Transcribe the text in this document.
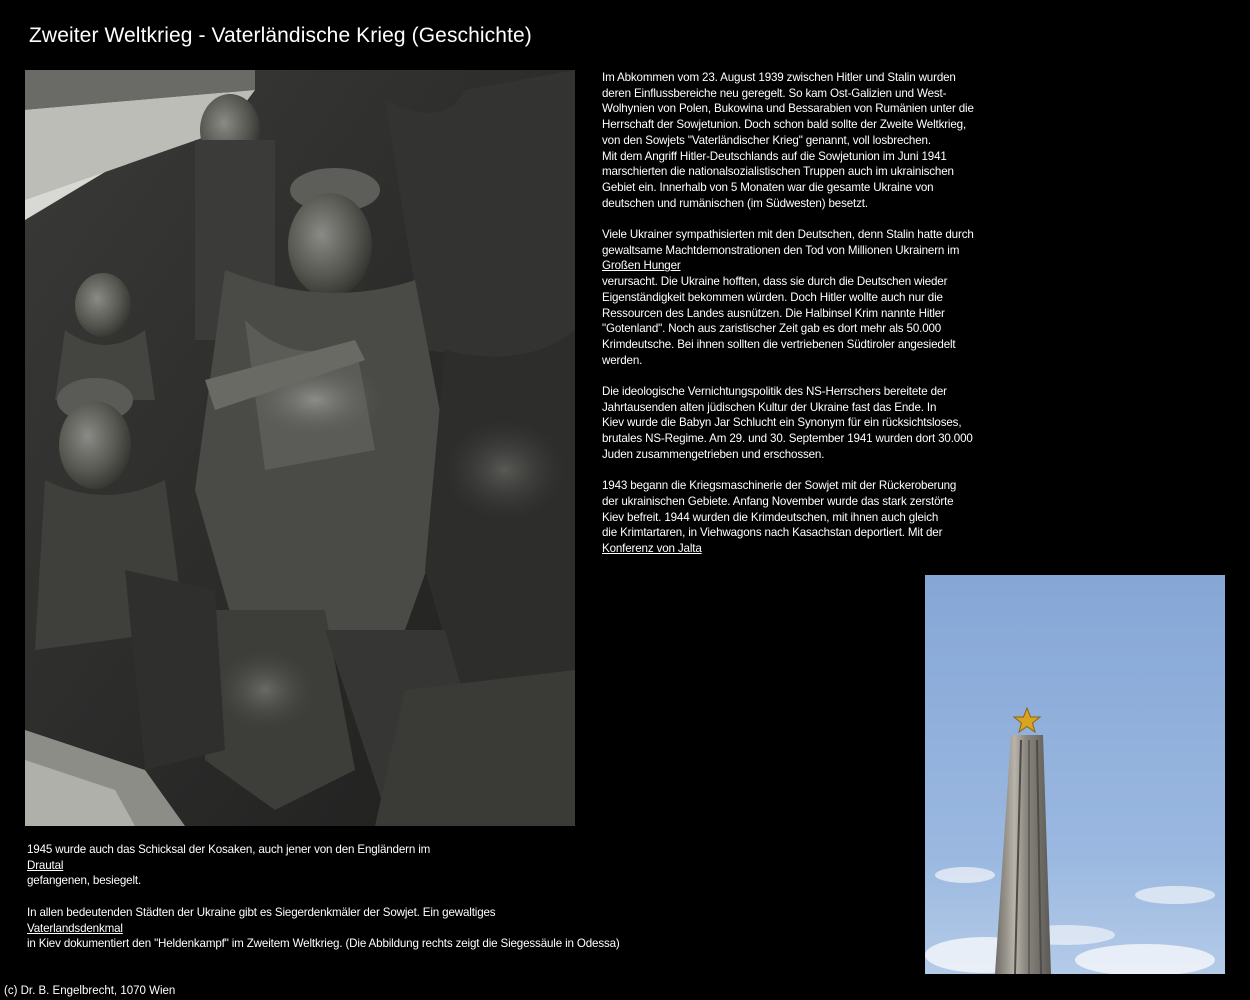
Zweiter Weltkrieg - Vaterländische Krieg (Geschichte)

Im Abkommen vom 23. August 1939 zwischen Hitler und Stalin wurden
deren Einflussbereiche neu geregelt. So kam Ost-Galizien und West-
Wolhynien von Polen, Bukowina und Bessarabien von Rumänien unter die
Herrschaft der Sowjetunion. Doch schon bald sollte der Zweite Weltkrieg,
von den Sowjets "Vaterländischer Krieg" genannt, voll losbrechen.
Mit dem Angriff Hitler-Deutschlands auf die Sowjetunion im Juni 1941
marschierten die nationalsozialistischen Truppen auch im ukrainischen
Gebiet ein. Innerhalb von 5 Monaten war die gesamte Ukraine von
deutschen und rumänischen (im Südwesten) besetzt.

Viele Ukrainer sympathisierten mit den Deutschen, denn Stalin hatte durch
gewaltsame Machtdemonstrationen den Tod von Millionen Ukrainern im
Großen Hunger
verursacht. Die Ukraine hofften, dass sie durch die Deutschen wieder
Eigenständigkeit bekommen würden. Doch Hitler wollte auch nur die
Ressourcen des Landes ausnützen. Die Halbinsel Krim nannte Hitler
"Gotenland". Noch aus zaristischer Zeit gab es dort mehr als 50.000
Krimdeutsche. Bei ihnen sollten die vertriebenen Südtiroler angesiedelt
werden.

Die ideologische Vernichtungspolitik des NS-Herrschers bereitete der
Jahrtausenden alten jüdischen Kultur der Ukraine fast das Ende. In
Kiev wurde die Babyn Jar Schlucht ein Synonym für ein rücksichtsloses,
brutales NS-Regime. Am 29. und 30. September 1941 wurden dort 30.000
Juden zusammengetrieben und erschossen.

1943 begann die Kriegsmaschinerie der Sowjet mit der Rückeroberung
der ukrainischen Gebiete. Anfang November wurde das stark zerstörte
Kiev befreit. 1944 wurden die Krimdeutschen, mit ihnen auch gleich
die Krimtartaren, in Viehwagons nach Kasachstan deportiert. Mit der
Konferenz von Jalta

1945 wurde auch das Schicksal der Kosaken, auch jener von den Engländern im
Drautal
gefangenen, besiegelt.

In allen bedeutenden Städten der Ukraine gibt es Siegerdenkmäler der Sowjet. Ein gewaltiges
Vaterlandsdenkmal
in Kiev dokumentiert den "Heldenkampf" im Zweitem Weltkrieg. (Die Abbildung rechts zeigt die Siegessäule in Odessa)

(c) Dr. B. Engelbrecht, 1070 Wien
